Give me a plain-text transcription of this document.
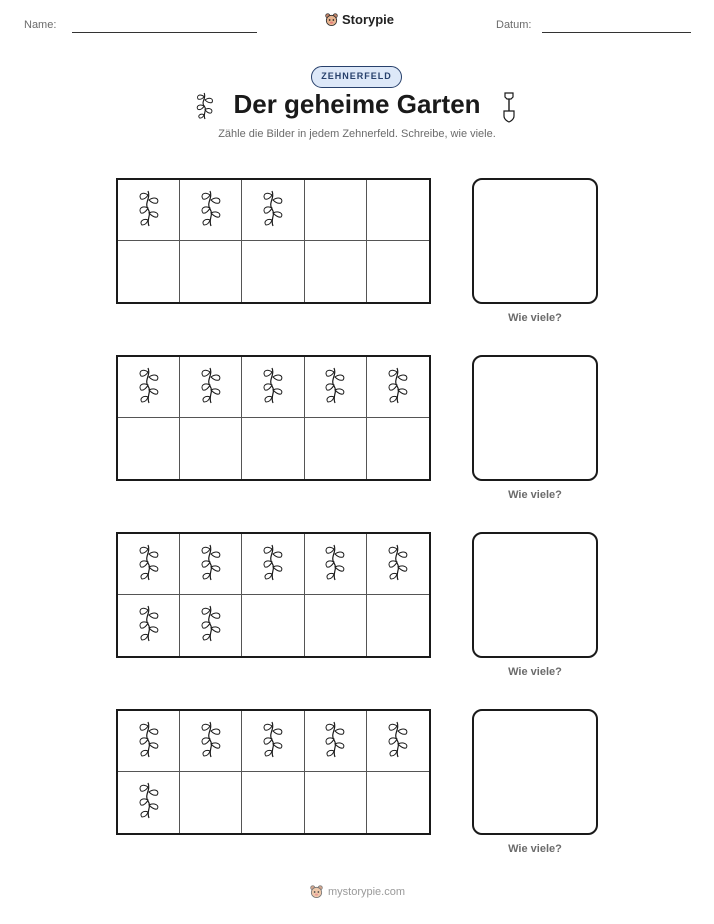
Name:	Storypie	Datum:
ZEHNERFELD
Der geheime Garten
Zähle die Bilder in jedem Zehnerfeld. Schreibe, wie viele.
Wie viele?
Wie viele?
Wie viele?
Wie viele?
mystorypie.com
